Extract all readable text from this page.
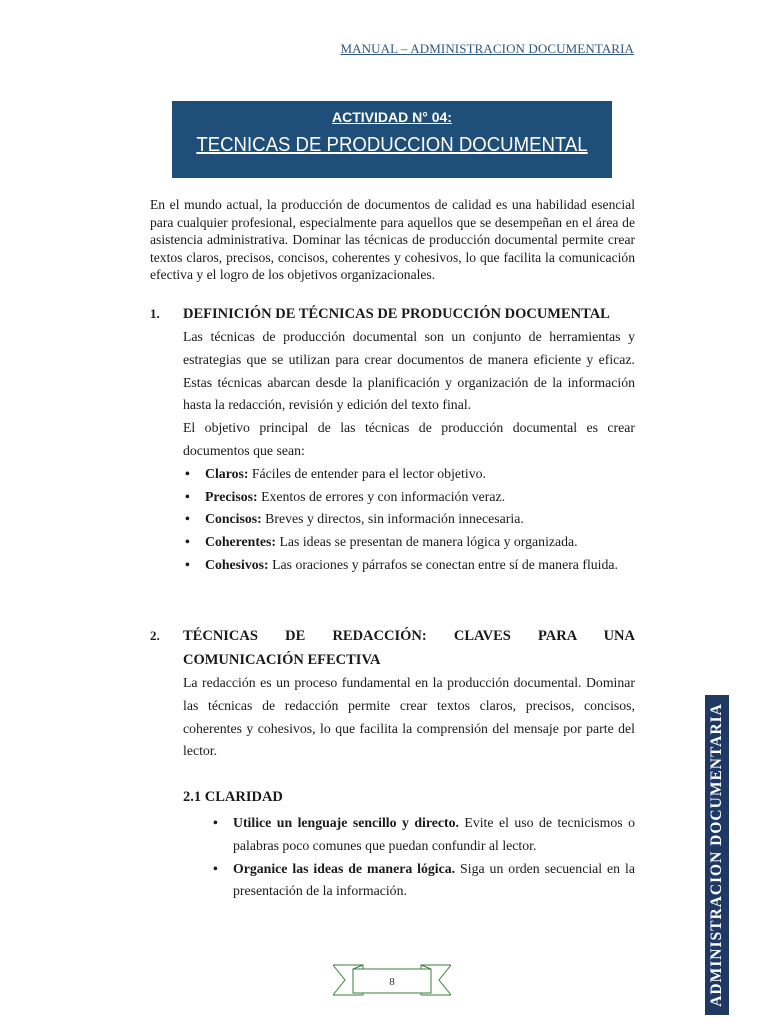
MANUAL – ADMINISTRACION DOCUMENTARIA
ACTIVIDAD N° 04:
TECNICAS DE PRODUCCION DOCUMENTAL
En el mundo actual, la producción de documentos de calidad es una habilidad esencial para cualquier profesional, especialmente para aquellos que se desempeñan en el área de asistencia administrativa. Dominar las técnicas de producción documental permite crear textos claros, precisos, concisos, coherentes y cohesivos, lo que facilita la comunicación efectiva y el logro de los objetivos organizacionales.
1.	DEFINICIÓN DE TÉCNICAS DE PRODUCCIÓN DOCUMENTAL
Las técnicas de producción documental son un conjunto de herramientas y estrategias que se utilizan para crear documentos de manera eficiente y eficaz. Estas técnicas abarcan desde la planificación y organización de la información hasta la redacción, revisión y edición del texto final.
El objetivo principal de las técnicas de producción documental es crear documentos que sean:
• Claros: Fáciles de entender para el lector objetivo.
• Precisos: Exentos de errores y con información veraz.
• Concisos: Breves y directos, sin información innecesaria.
• Coherentes: Las ideas se presentan de manera lógica y organizada.
• Cohesivos: Las oraciones y párrafos se conectan entre sí de manera fluida.
2.	TÉCNICAS DE REDACCIÓN: CLAVES PARA UNA COMUNICACIÓN EFECTIVA
La redacción es un proceso fundamental en la producción documental. Dominar las técnicas de redacción permite crear textos claros, precisos, concisos, coherentes y cohesivos, lo que facilita la comprensión del mensaje por parte del lector.
2.1 CLARIDAD
• Utilice un lenguaje sencillo y directo. Evite el uso de tecnicismos o palabras poco comunes que puedan confundir al lector.
• Organice las ideas de manera lógica. Siga un orden secuencial en la presentación de la información.	ADMINISTRACION DOCUMENTARIA
8
